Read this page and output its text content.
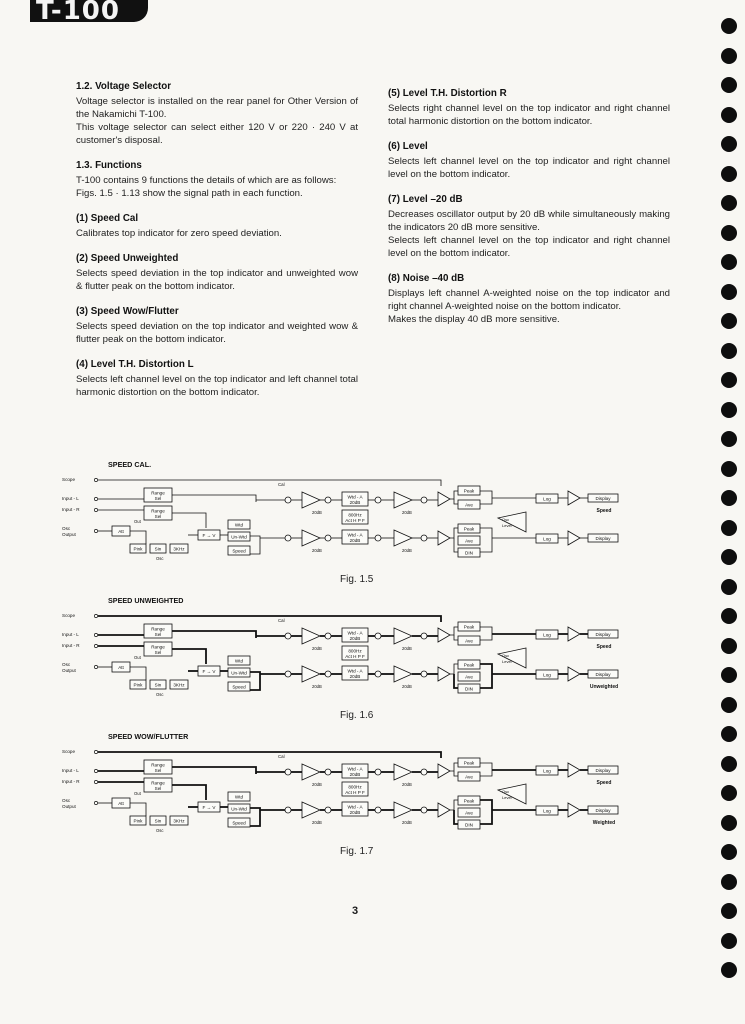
T-100
1.2. Voltage Selector

Voltage selector is installed on the rear panel for Other Version of the Nakamichi T-100.

This voltage selector can select either 120 V or 220 · 240 V at customer's disposal.

1.3. Functions

T-100 contains 9 functions the details of which are as follows:

Figs. 1.5 · 1.13 show the signal path in each function.

(1) Speed Cal

Calibrates top indicator for zero speed deviation.

(2) Speed Unweighted

Selects speed deviation in the top indicator and unweighted wow & flutter peak on the bottom indicator.

(3) Speed Wow/Flutter

Selects speed deviation on the top indicator and weighted wow & flutter peak on the bottom indicator.

(4) Level T.H. Distortion L

Selects left channel level on the top indicator and left channel total harmonic distortion on the bottom indicator.

(5) Level T.H. Distortion R

Selects right channel level on the top indicator and right channel total harmonic distortion on the bottom indicator.

(6) Level

Selects left channel level on the top indicator and right channel level on the bottom indicator.

(7) Level –20 dB

Decreases oscillator output by 20 dB while simultaneously making the indicators 20 dB more sensitive.

Selects left channel level on the top indicator and right channel level on the bottom indicator.

(8) Noise –40 dB

Displays left channel A-weighted noise on the top indicator and right channel A-weighted noise on the bottom indicator.

Makes the display 40 dB more sensitive.

SPEED CAL.
Scope
Input - L
Input - R
Osc
Output
Range
Sel
Range
Sel
Att
Out
Pink	Sin	3KHz
Osc
F → V
Wtd
Un-Wtd
Speed
Cal
20dB
Wtd - A
20dB
800Hz
Act H P F
20dB
20dB
Wtd - A
20dB
20dB
Peak
Ave
Peak
Ave
DIN
Osc
Level
Log
Log
Display
Display
Speed
Fig. 1.5
SPEED UNWEIGHTED
Scope
Input - L
Input - R
Osc
Output
Range
Sel
Range
Sel
Att
Out
Pink	Sin	3KHz
Osc
F → V
Wtd
Un-Wtd
Speed
Cal
20dB
Wtd - A
20dB
800Hz
Act H P F
20dB
20dB
Wtd - A
20dB
20dB
Peak
Ave
Peak
Ave
DIN
Osc
Level
Log
Log
Display
Display
Speed
Unweighted
Fig. 1.6
SPEED WOW/FLUTTER
Scope
Input - L
Input - R
Osc
Output
Range
Sel
Range
Sel
Att
Out
Pink	Sin	3KHz
Osc
F → V
Wtd
Un-Wtd
Speed
Cal
20dB
Wtd - A
20dB
800Hz
Act H P F
20dB
20dB
Wtd - A
20dB
20dB
Peak
Ave
Peak
Ave
DIN
Osc
Level
Log
Log
Display
Display
Speed
Weighted
Fig. 1.7
3
